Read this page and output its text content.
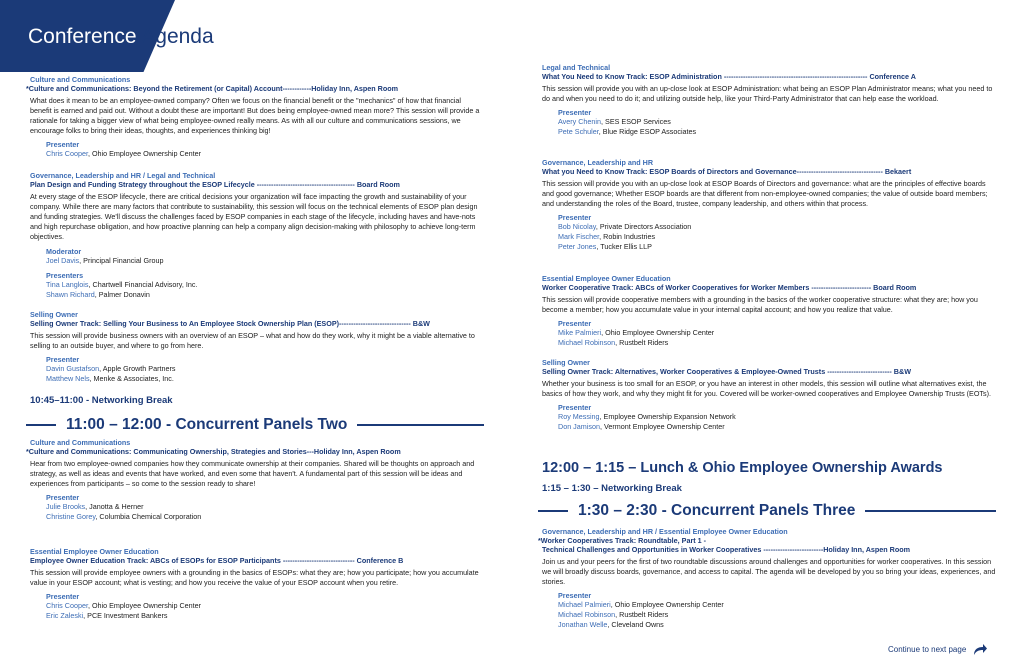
Conference Agenda
Culture and Communications
*Culture and Communications: Beyond the Retirement (or Capital) Account------------Holiday Inn, Aspen Room
What does it mean to be an employee-owned company? Often we focus on the financial benefit or the "mechanics" of how that financial benefit is earned and paid out. Without a doubt these are important! But does being employee-owned mean more? This session will provide a rationale for taking a bigger view of what being employee-owned really means. As with all our culture and communications sessions, we encourage folks to bring their ideas, thoughts, and experiences thinking big!
Presenter
Chris Cooper, Ohio Employee Ownership Center
Governance, Leadership and HR / Legal and Technical
Plan Design and Funding Strategy throughout the ESOP Lifecycle ----------------------------------------- Board Room
At every stage of the ESOP lifecycle, there are critical decisions your organization will face impacting the growth and sustainability of your company. While there are many factors that contribute to sustainability, this session will focus on the technical elements of ESOP plan design and funding strategies. We'll discuss the challenges faced by ESOP companies in each stage of the lifecycle, including haves and have-nots and high repurchase obligation, and how proactive planning can help a company align decision-making with philosophy to achieve long-term objectives.
Moderator
Joel Davis, Principal Financial Group
Presenters
Tina Langlois, Chartwell Financial Advisory, Inc.
Shawn Richard, Palmer Donavin
Selling Owner
Selling Owner Track: Selling Your Business to An Employee Stock Ownership Plan (ESOP)------------------------------ B&W
This session will provide business owners with an overview of an ESOP – what and how do they work, why it might be a viable alternative to selling to an outside buyer, and where to go from here.
Presenter
Davin Gustafson, Apple Growth Partners
Matthew Nels, Menke & Associates, Inc.
10:45–11:00 - Networking Break
11:00 – 12:00 - Concurrent Panels Two
Culture and Communications
*Culture and Communications: Communicating Ownership, Strategies and Stories---Holiday Inn, Aspen Room
Hear from two employee-owned companies how they communicate ownership at their companies. Shared will be thoughts on approach and strategy, as well as ideas and events that have worked, and even some that haven't. A fundamental part of this session will be ideas and experiences from participants – so come to the session ready to share!
Presenter
Julie Brooks, Janotta & Herner
Christine Gorey, Columbia Chemical Corporation
Essential Employee Owner Education
Employee Owner Education Track: ABCs of ESOPs for ESOP Participants ------------------------------ Conference B
This session will provide employee owners with a grounding in the basics of ESOPs: what they are; how you participate; how you accumulate value in your ESOP account; what is vesting; and how you receive the value of your ESOP account when you retire.
Presenter
Chris Cooper, Ohio Employee Ownership Center
Eric Zaleski, PCE Investment Bankers
Legal and Technical
What You Need to Know Track: ESOP Administration ------------------------------------------------------------ Conference A
This session will provide you with an up-close look at ESOP Administration: what being an ESOP Plan Administrator means; what you need to do and when you need to do it; and utilizing outside help, like your Third-Party Administrator that can help ease the workload.
Presenter
Avery Chenin, SES ESOP Services
Pete Schuler, Blue Ridge ESOP Associates
Governance, Leadership and HR
What you Need to Know Track: ESOP Boards of Directors and Governance------------------------------------ Bekaert
This session will provide you with an up-close look at ESOP Boards of Directors and governance: what are the principles of effective boards and good governance; Whether ESOP boards are that different from non-employee-owned companies; the value of outside board members; and understanding the roles of the Board, trustee, company leadership, and others within that process.
Presenter
Bob Nicolay, Private Directors Association
Mark Fischer, Robin Industries
Peter Jones, Tucker Ellis LLP
Essential Employee Owner Education
Worker Cooperative Track: ABCs of Worker Cooperatives for Worker Members ------------------------- Board Room
This session will provide cooperative members with a grounding in the basics of the worker cooperative structure: what they are; how you become a member; how you accumulate value in your internal capital account; and how you realize that value.
Presenter
Mike Palmieri, Ohio Employee Ownership Center
Michael Robinson, Rustbelt Riders
Selling Owner
Selling Owner Track: Alternatives, Worker Cooperatives & Employee-Owned Trusts --------------------------- B&W
Whether your business is too small for an ESOP, or you have an interest in other models, this session will outline what alternatives exist, the basics of how they work, and why they might fit for you. Covered will be worker-owned cooperatives and Employee Ownership Trusts (EOTs).
Presenter
Roy Messing, Employee Ownership Expansion Network
Don Jamison, Vermont Employee Ownership Center
12:00 – 1:15 – Lunch & Ohio Employee Ownership Awards
1:15 – 1:30 – Networking Break
1:30 – 2:30 - Concurrent Panels Three
Governance, Leadership and HR / Essential Employee Owner Education
*Worker Cooperatives Track: Roundtable, Part 1 -
Technical Challenges and Opportunities in Worker Cooperatives -------------------------Holiday Inn, Aspen Room
Join us and your peers for the first of two roundtable discussions around challenges and opportunities for worker cooperatives. In this session we will broadly discuss boards, governance, and access to capital. The agenda will be developed by you so bring your ideas, experiences, and stories.
Presenter
Michael Palmieri, Ohio Employee Ownership Center
Michael Robinson, Rustbelt Riders
Jonathan Welle, Cleveland Owns
Continue to next page
